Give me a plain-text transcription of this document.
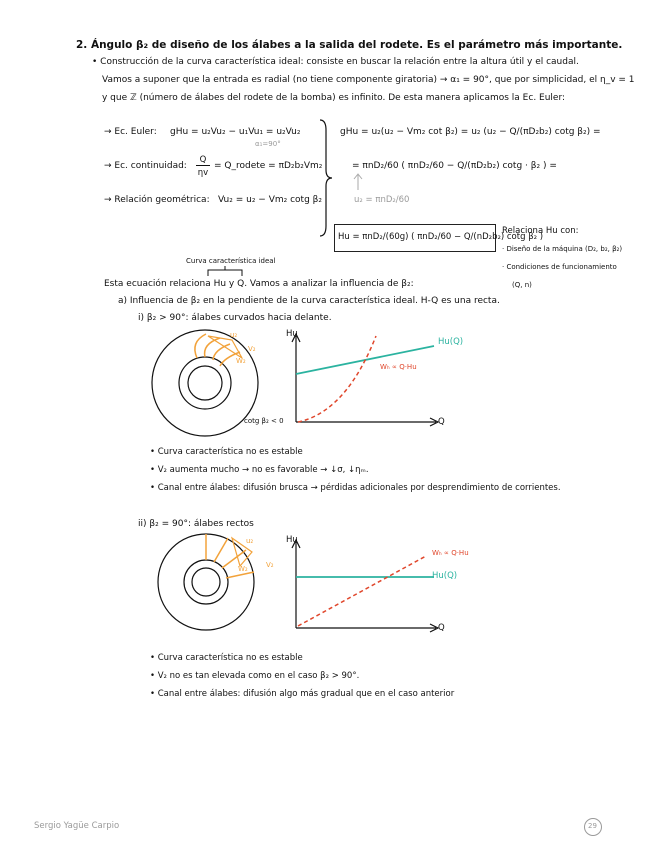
2. Ángulo β₂ de diseño de los álabes a la salida del rodete. Es el parámetro más importante.
• Construcción de la curva característica ideal: consiste en buscar la relación entre la altura útil y el caudal.
Vamos a suponer que la entrada es radial (no tiene componente giratoria) → α₁ = 90°, que por simplicidad, el η_v = 1
y que ℤ (número de álabes del rodete de la bomba) es infinito. De esta manera aplicamos la Ec. Euler:
→ Ec. Euler: gHu = u₂Vu₂ − u₁Vu₁ = u₂Vu₂
α₁=90°
→ Ec. continuidad:
Q
ηv
= Q_rodete = πD₂b₂Vm₂
→ Relación geométrica: Vu₂ = u₂ − Vm₂ cotg β₂
gHu = u₂(u₂ − Vm₂ cot β₂) = u₂ (u₂ − Q/(πD₂b₂) cotg β₂) =
= πnD₂/60 ( πnD₂/60 − Q/(πD₂b₂) cotg · β₂ ) =
u₂ = πnD₂/60
Hu = πnD₂/(60g) ( πnD₂/60 − Q/(nD₂b₂) cotg β₂ )
Relaciona Hu con:
· Diseño de la máquina (D₂, b₂, β₂)
· Condiciones de funcionamiento
(Q, n)
Curva característica ideal
Esta ecuación relaciona Hu y Q. Vamos a analizar la influencia de β₂:
a) Influencia de β₂ en la pendiente de la curva característica ideal. H-Q es una recta.
i) β₂ > 90°: álabes curvados hacia delante.
u₂
V₂
W₂
cotg β₂ < 0
Hu
Q
Hu(Q)
Wₕ ∝ Q·Hu
• Curva característica no es estable
• V₂ aumenta mucho → no es favorable → ↓σ, ↓ηₘ.
• Canal entre álabes: difusión brusca → pérdidas adicionales por desprendimiento de corrientes.
ii) β₂ = 90°: álabes rectos
u₂
V₂
W₂
Hu
Q
Hu(Q)
Wₕ ∝ Q·Hu
• Curva característica no es estable
• V₂ no es tan elevada como en el caso β₂ > 90°.
• Canal entre álabes: difusión algo más gradual que en el caso anterior
Sergio Yagüe Carpio	29
